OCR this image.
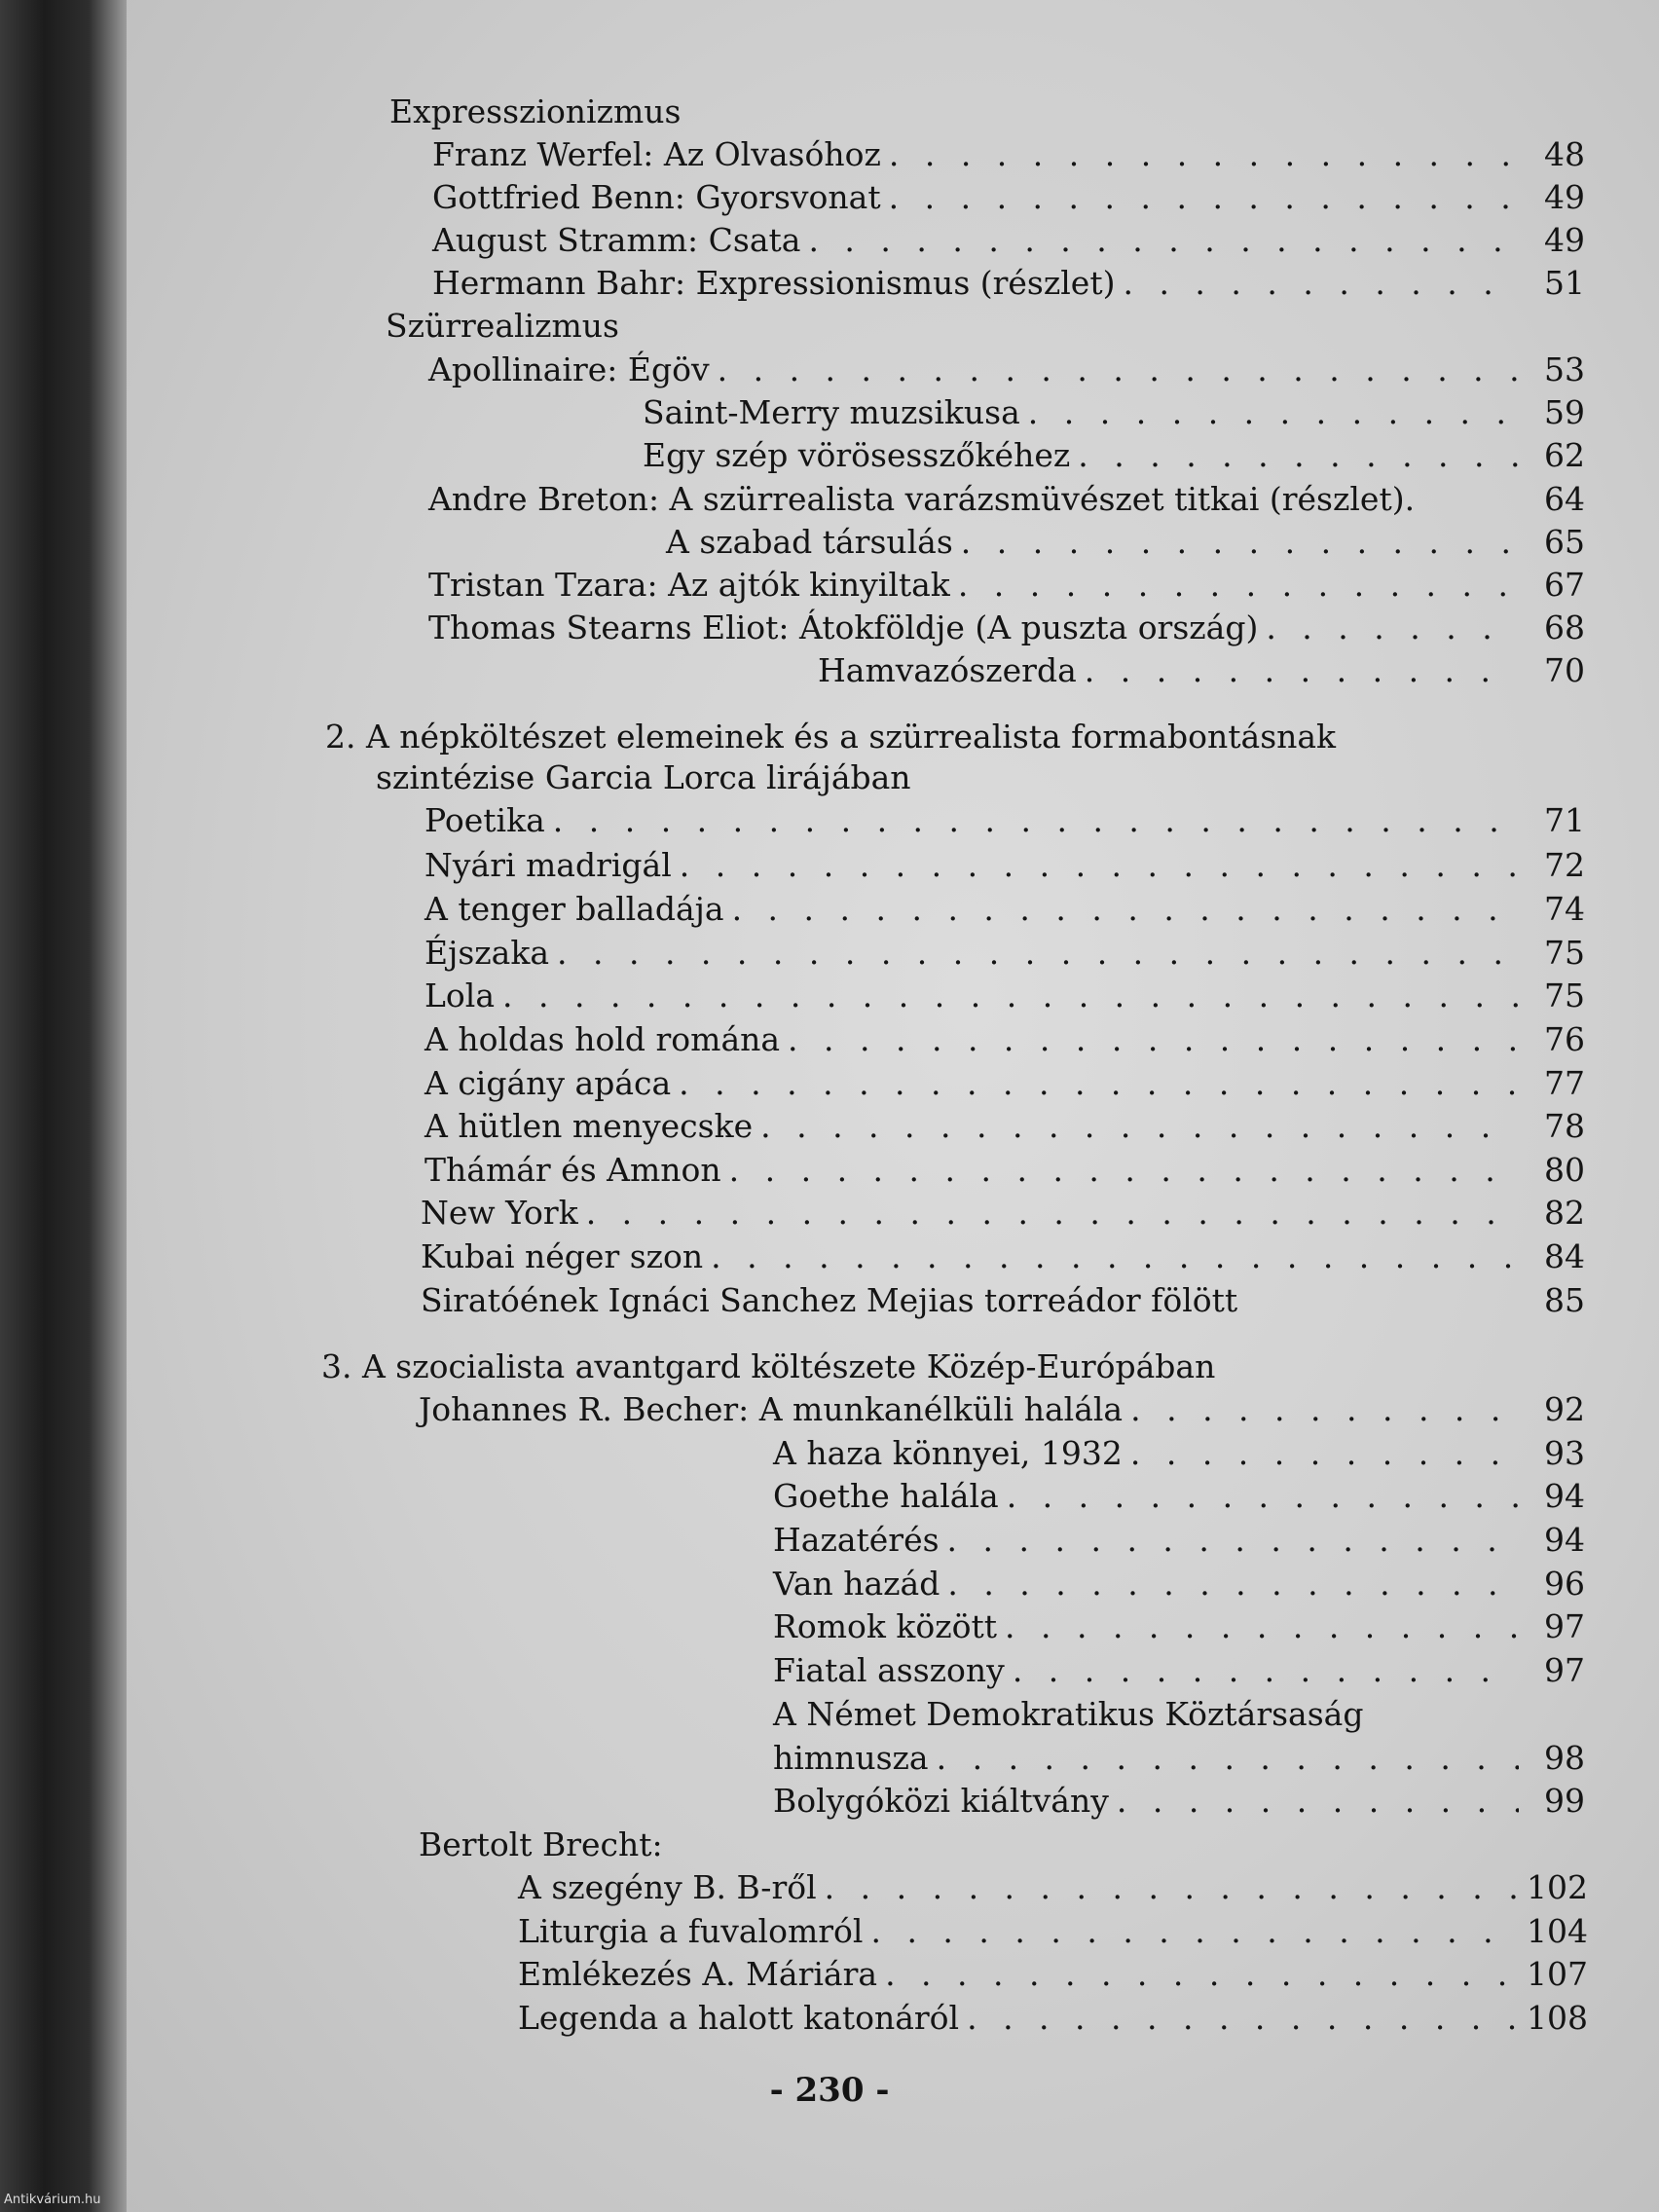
Expresszionizmus
Franz Werfel: Az Olvasóhoz . . .	48
Gottfried Benn: Gyorsvonat . . .	49
August Stramm: Csata . . .	49
Hermann Bahr: Expressionismus (részlet) . . .	51
Szürrealizmus
Apollinaire: Égöv . . .	53
Saint-Merry muzsikusa . . .	59
Egy szép vörösesszőkéhez . . .	62
Andre Breton: A szürrealista varázsmüvészet titkai (részlet).	64
A szabad társulás . . .	65
Tristan Tzara: Az ajtók kinyiltak . . .	67
Thomas Stearns Eliot: Átokföldje (A puszta ország) . . .	68
Hamvazószerda . . .	70
2. A népköltészet elemeinek és a szürrealista formabontásnak
szintézise Garcia Lorca lirájában
Poetika . . .	71
Nyári madrigál . . .	72
A tenger balladája . . .	74
Éjszaka . . .	75
Lola . . .	75
A holdas hold romána . . .	76
A cigány apáca . . .	77
A hütlen menyecske . . .	78
Thámár és Amnon . . .	80
New York . . .	82
Kubai néger szon . . .	84
Siratóének Ignáci Sanchez Mejias torreádor fölött	85
3. A szocialista avantgard költészete Közép-Európában
Johannes R. Becher: A munkanélküli halála . . .	92
A haza könnyei, 1932 . . .	93
Goethe halála . . .	94
Hazatérés . . .	94
Van hazád . . .	96
Romok között . . .	97
Fiatal asszony . . .	97
A Német Demokratikus Köztársaság
himnusza . . .	98
Bolygóközi kiáltvány . . .	99
Bertolt Brecht:
A szegény B. B-ről . . .	102
Liturgia a fuvalomról . . .	104
Emlékezés A. Máriára . . .	107
Legenda a halott katonáról . . .	108
- 230 -
Antikvárium.hu
